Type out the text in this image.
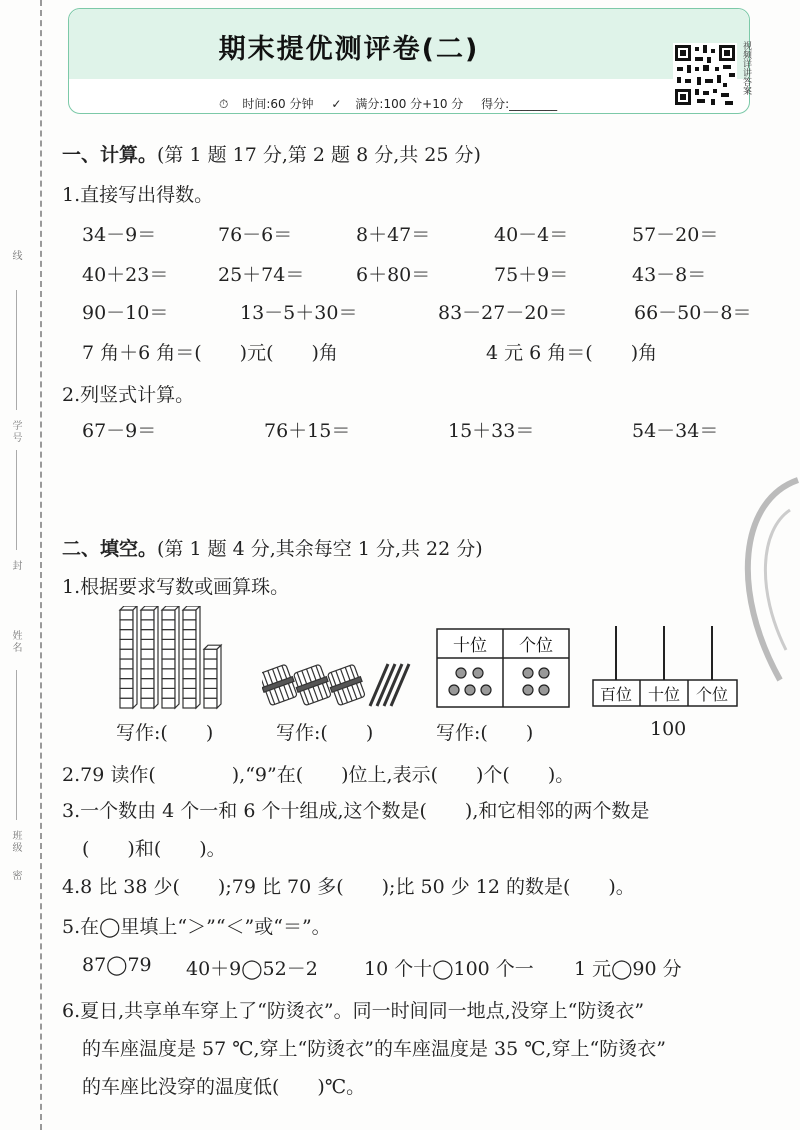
线
学号
封
姓名
班级
密
期末提优测评卷(二)
⏱ 时间:60 分钟 ✓ 满分:100 分+10 分 得分:________
视频详讲答案
一、计算。(第 1 题 17 分,第 2 题 8 分,共 25 分)
1.直接写出得数。
34－9＝	76－6＝	8＋47＝	40－4＝	57－20＝
40＋23＝	25＋74＝	6＋80＝	75＋9＝	43－8＝
90－10＝	13－5＋30＝	83－27－20＝	66－50－8＝
7 角＋6 角＝(　　)元(　　)角	4 元 6 角＝(　　)角
2.列竖式计算。
67－9＝	76＋15＝	15＋33＝	54－34＝
二、填空。(第 1 题 4 分,其余每空 1 分,共 22 分)
1.根据要求写数或画算珠。
十位 个位
百位 十位 个位
写作:(　　)	写作:(　　)	写作:(　　)	100
2.79 读作(　　　　),“9”在(　　)位上,表示(　　)个(　　)。
3.一个数由 4 个一和 6 个十组成,这个数是(　　),和它相邻的两个数是
(　　)和(　　)。
4.8 比 38 少(　　);79 比 70 多(　　);比 50 少 12 的数是(　　)。
5.在◯里填上“＞”“＜”或“＝”。
87◯79 40＋9◯52－2 10 个十◯100 个一 1 元◯90 分
6.夏日,共享单车穿上了“防烫衣”。同一时间同一地点,没穿上“防烫衣”
的车座温度是 57 ℃,穿上“防烫衣”的车座温度是 35 ℃,穿上“防烫衣”
的车座比没穿的温度低(　　)℃。
